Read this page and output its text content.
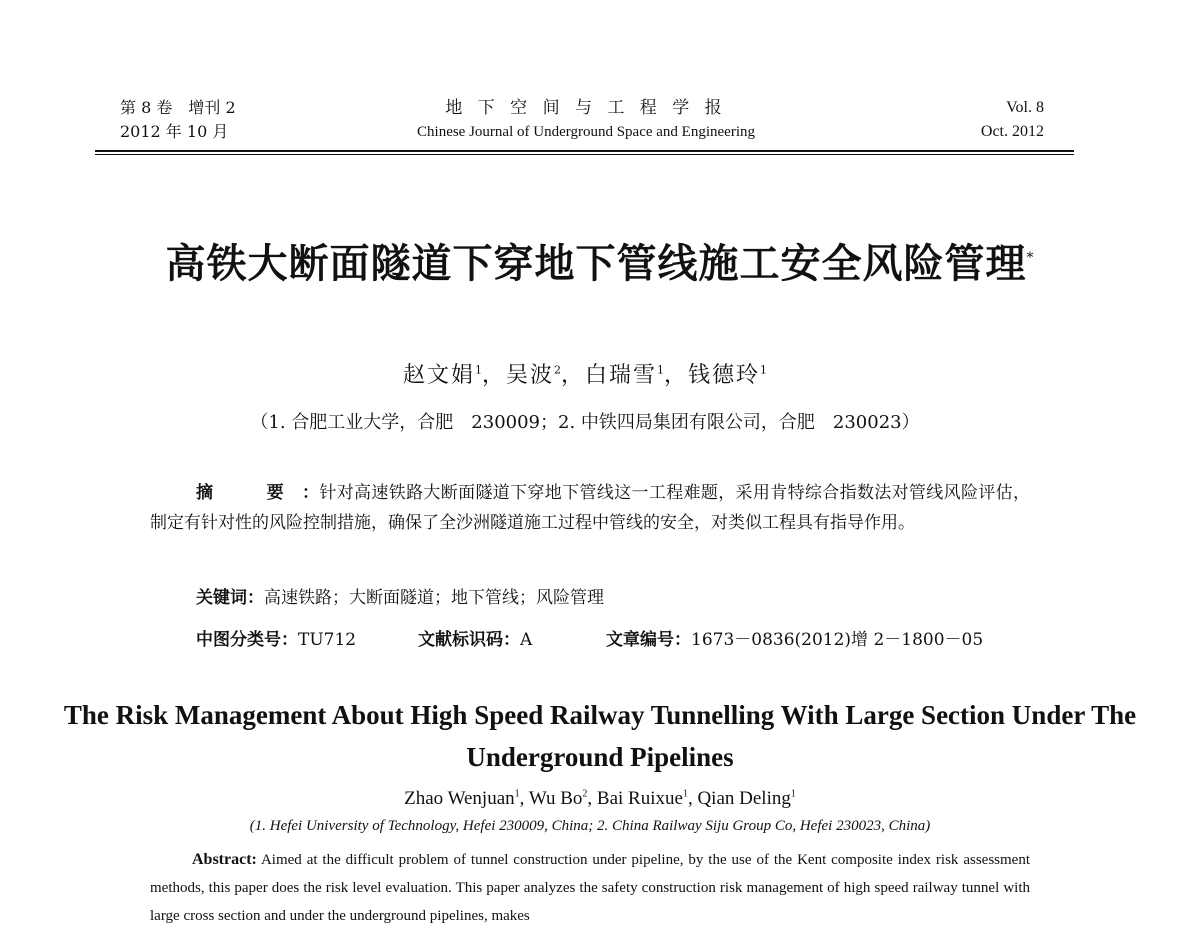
第 8 卷　增刊 2
2012 年 10 月
地 下 空 间 与 工 程 学 报
Chinese Journal of Underground Space and Engineering
Vol. 8
Oct. 2012
高铁大断面隧道下穿地下管线施工安全风险管理*
赵文娟$^1$，吴波$^2$，白瑞雪$^1$，钱德玲$^1$
（1. 合肥工业大学，合肥　230009；2. 中铁四局集团有限公司，合肥　230023）
摘　要：针对高速铁路大断面隧道下穿地下管线这一工程难题，采用肯特综合指数法对管线风险评估，制定有针对性的风险控制措施，确保了全沙洲隧道施工过程中管线的安全，对类似工程具有指导作用。
关键词：高速铁路；大断面隧道；地下管线；风险管理
中图分类号：TU712	文献标识码：A	文章编号：1673－0836(2012)增 2－1800－05
The Risk Management About High Speed Railway Tunnelling With Large Section Under The Underground Pipelines
Zhao Wenjuan$^1$, Wu Bo$^2$, Bai Ruixue$^1$, Qian Deling$^1$
(1. Hefei University of Technology, Hefei 230009, China; 2. China Railway Siju Group Co, Hefei 230023, China)
Abstract: Aimed at the difficult problem of tunnel construction under pipeline, by the use of the Kent composite index risk assessment methods, this paper does the risk level evaluation. This paper analyzes the safety construction risk management of high speed railway tunnel with large cross section and under the underground pipelines, makes
